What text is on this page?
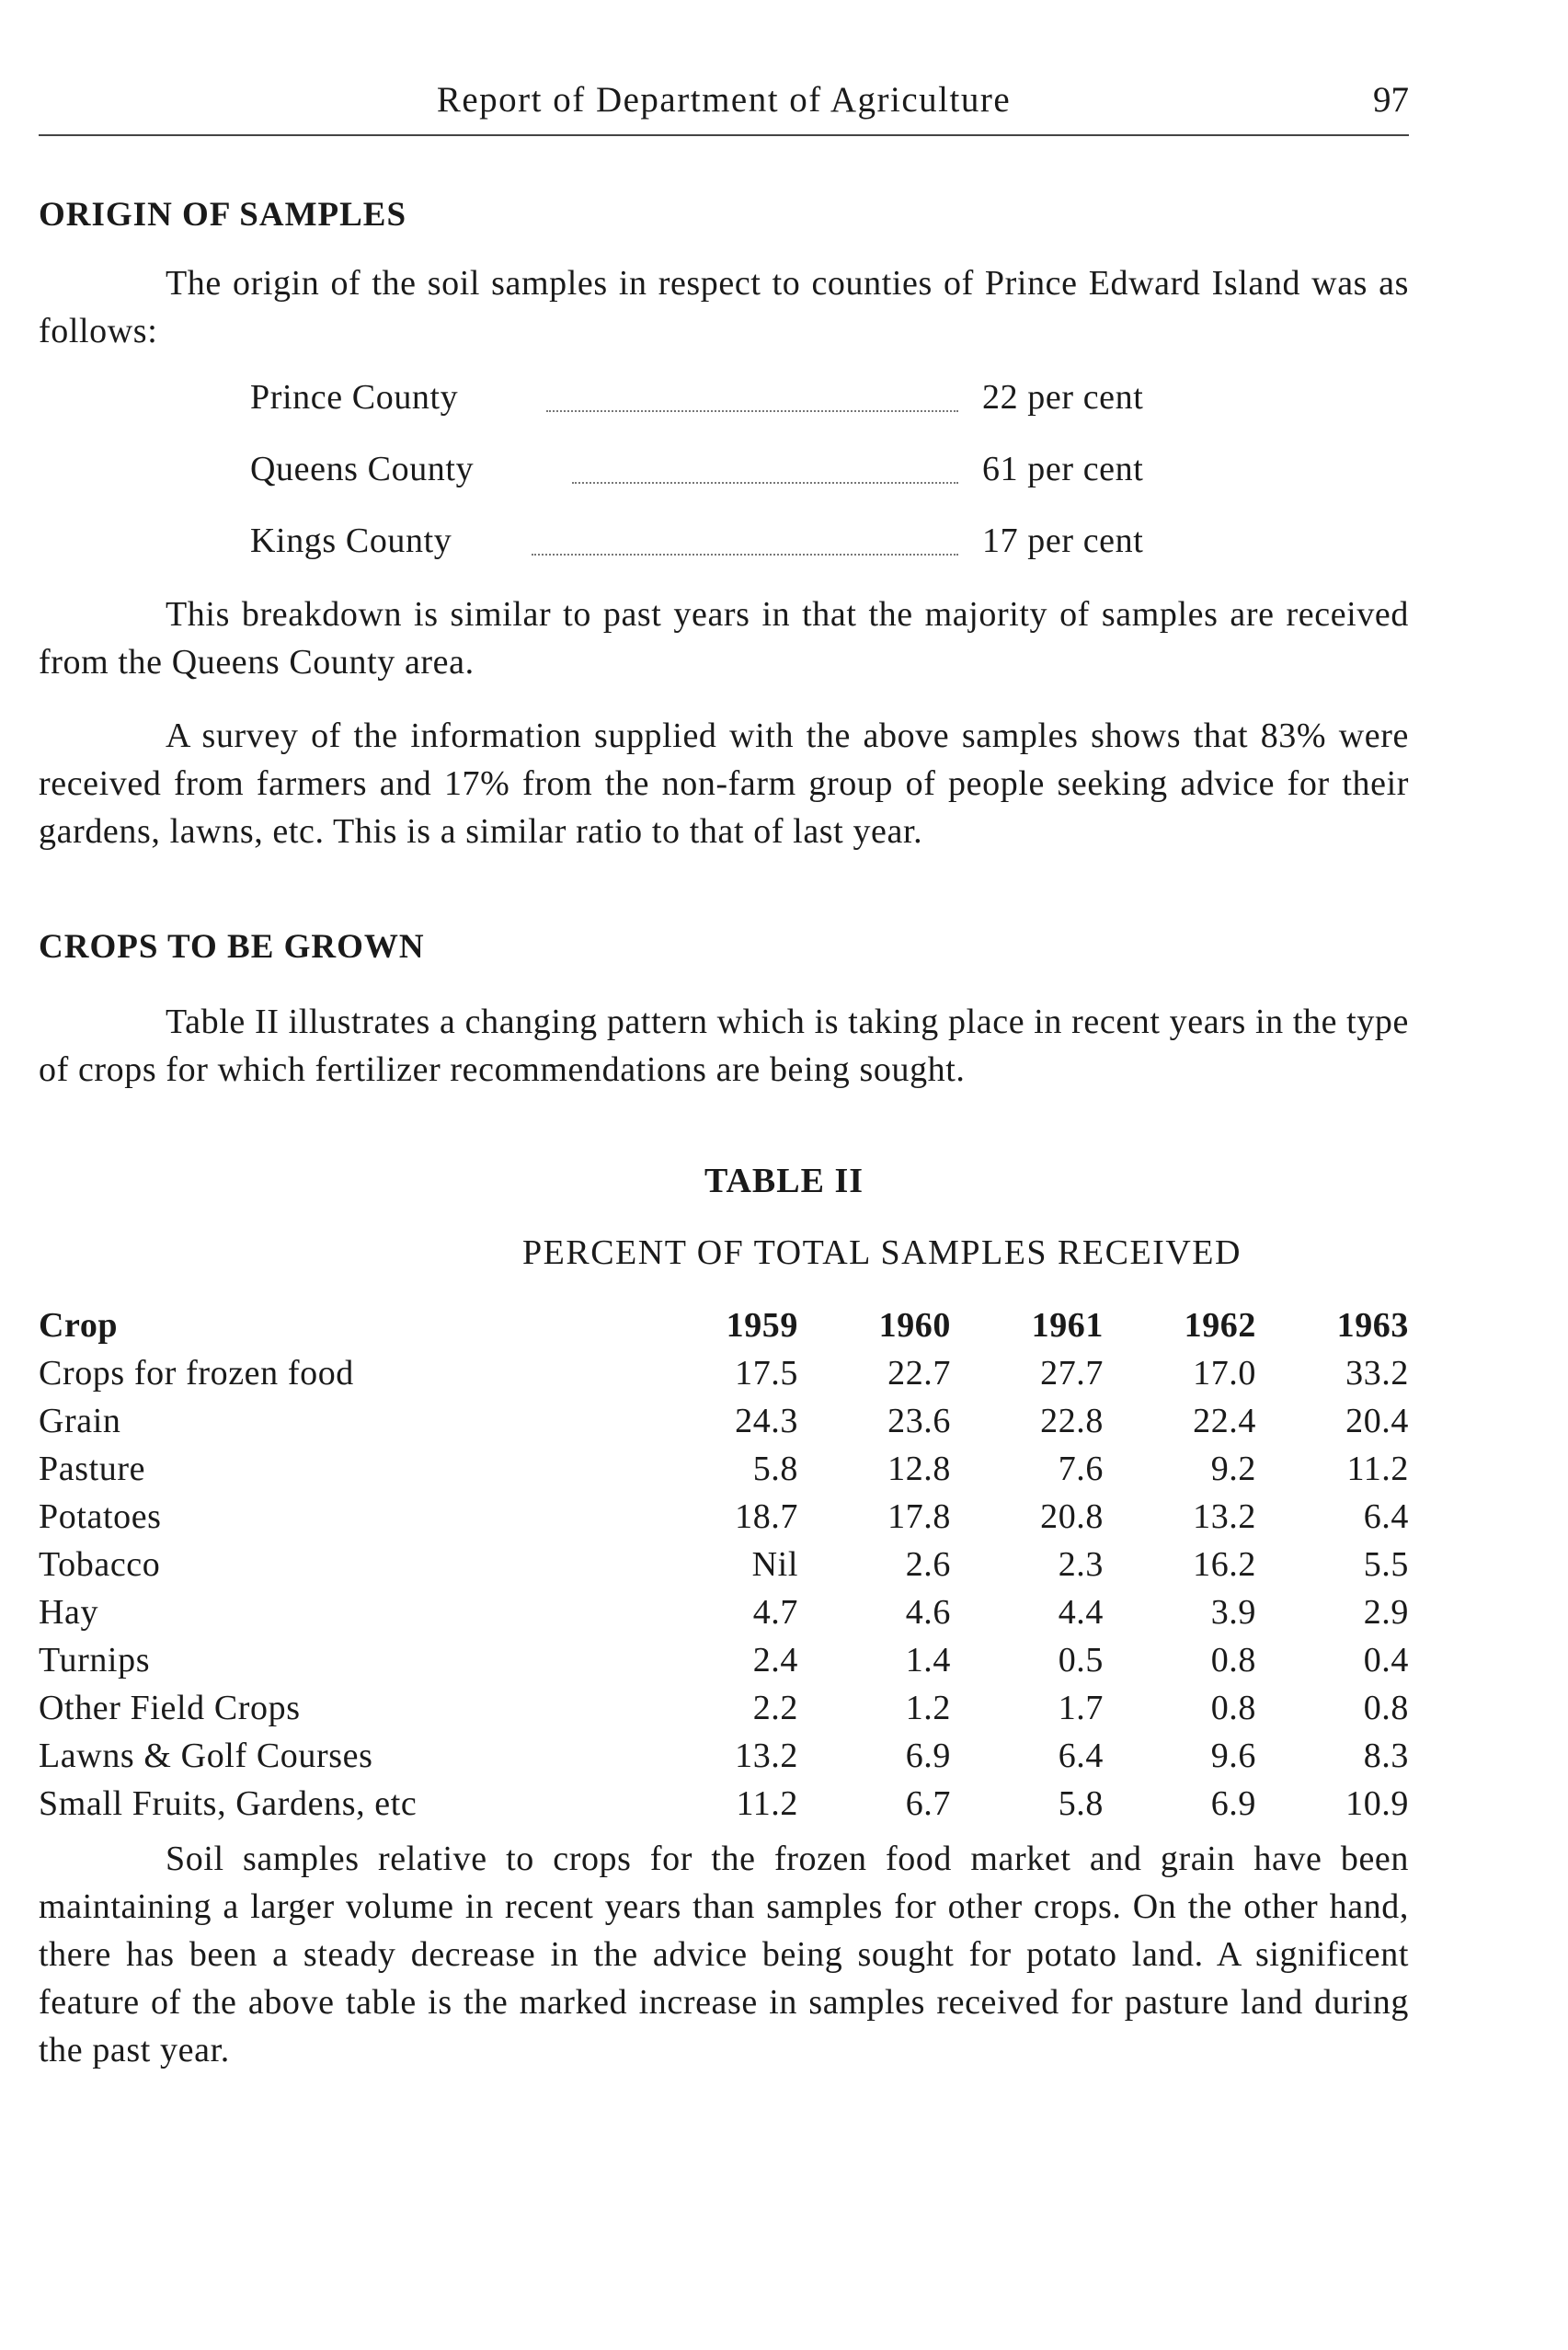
Report of Department of Agriculture	97
ORIGIN OF SAMPLES

The origin of the soil samples in respect to counties of Prince Edward Island was as follows:

Prince County	22 per cent
Queens County	61 per cent
Kings County	17 per cent

This breakdown is similar to past years in that the majority of samples are received from the Queens County area.

A survey of the information supplied with the above samples shows that 83% were received from farmers and 17% from the non-farm group of people seeking advice for their gardens, lawns, etc. This is a similar ratio to that of last year.

CROPS TO BE GROWN

Table II illustrates a changing pattern which is taking place in recent years in the type of crops for which fertilizer recommendations are being sought.

TABLE II
PERCENT OF TOTAL SAMPLES RECEIVED
Crop	1959	1960	1961	1962	1963
Crops for frozen food	17.5	22.7	27.7	17.0	33.2
Grain	24.3	23.6	22.8	22.4	20.4
Pasture	5.8	12.8	7.6	9.2	11.2
Potatoes	18.7	17.8	20.8	13.2	6.4
Tobacco	Nil	2.6	2.3	16.2	5.5
Hay	4.7	4.6	4.4	3.9	2.9
Turnips	2.4	1.4	0.5	0.8	0.4
Other Field Crops	2.2	1.2	1.7	0.8	0.8
Lawns & Golf Courses	13.2	6.9	6.4	9.6	8.3
Small Fruits, Gardens, etc	11.2	6.7	5.8	6.9	10.9

Soil samples relative to crops for the frozen food market and grain have been maintaining a larger volume in recent years than samples for other crops. On the other hand, there has been a steady decrease in the advice being sought for potato land. A significent feature of the above table is the marked increase in samples received for pasture land during the past year.
